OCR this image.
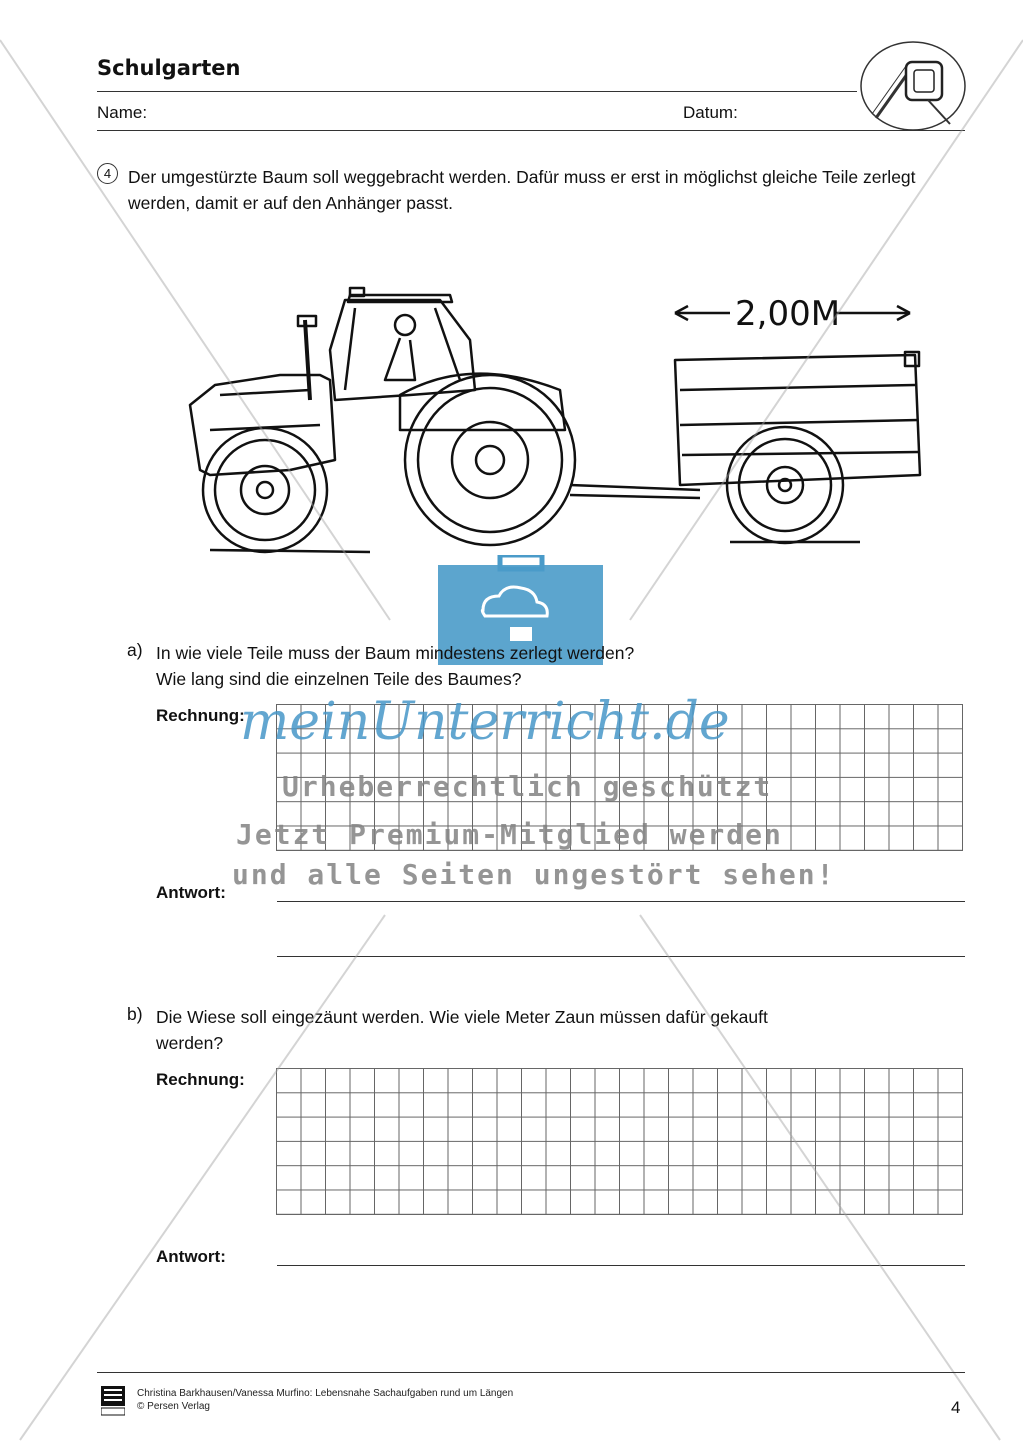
Schulgarten
Name:	Datum:
4 Der umgestürzte Baum soll weggebracht werden. Dafür muss er erst in möglichst gleiche Teile zerlegt werden, damit er auf den Anhänger passt.
2,00M
a) In wie viele Teile muss der Baum mindestens zerlegt werden?
Wie lang sind die einzelnen Teile des Baumes?
Rechnung:
Antwort:
b) Die Wiese soll eingezäunt werden. Wie viele Meter Zaun müssen dafür gekauft
werden?
Rechnung:
Antwort:
meinUnterricht.de
Urheberrechtlich geschützt
Jetzt Premium-Mitglied werden
und alle Seiten ungestört sehen!
Christina Barkhausen/Vanessa Murfino: Lebensnahe Sachaufgaben rund um Längen
© Persen Verlag	4
